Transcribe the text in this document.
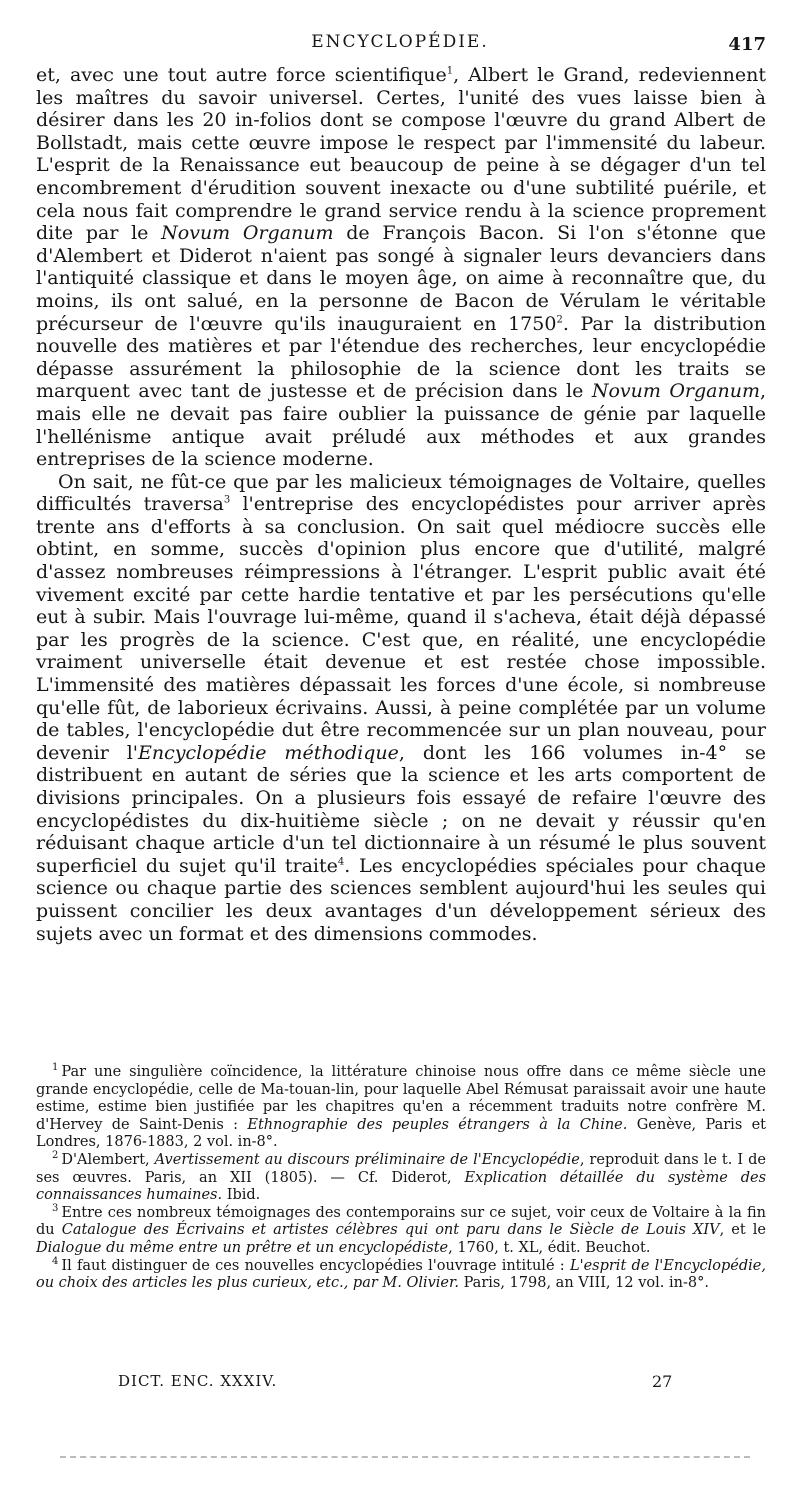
ENCYCLOPÉDIE.	417

et, avec une tout autre force scientifique$^1$, Albert le Grand, redeviennent les maîtres du savoir universel. Certes, l'unité des vues laisse bien à désirer dans les 20 in-folios dont se compose l'œuvre du grand Albert de Bollstadt, mais cette œuvre impose le respect par l'immensité du labeur. L'esprit de la Renaissance eut beaucoup de peine à se dégager d'un tel encombrement d'érudition souvent inexacte ou d'une subtilité puérile, et cela nous fait comprendre le grand service rendu à la science proprement dite par le Novum Organum de François Bacon. Si l'on s'étonne que d'Alembert et Diderot n'aient pas songé à signaler leurs devanciers dans l'antiquité classique et dans le moyen âge, on aime à reconnaître que, du moins, ils ont salué, en la personne de Bacon de Vérulam le véritable précurseur de l'œuvre qu'ils inauguraient en 1750$^2$. Par la distribution nouvelle des matières et par l'étendue des recherches, leur encyclopédie dépasse assurément la philosophie de la science dont les traits se marquent avec tant de justesse et de précision dans le Novum Organum, mais elle ne devait pas faire oublier la puissance de génie par laquelle l'hellénisme antique avait préludé aux méthodes et aux grandes entreprises de la science moderne.

On sait, ne fût-ce que par les malicieux témoignages de Voltaire, quelles difficultés traversa$^3$ l'entreprise des encyclopédistes pour arriver après trente ans d'efforts à sa conclusion. On sait quel médiocre succès elle obtint, en somme, succès d'opinion plus encore que d'utilité, malgré d'assez nombreuses réimpressions à l'étranger. L'esprit public avait été vivement excité par cette hardie tentative et par les persécutions qu'elle eut à subir. Mais l'ouvrage lui-même, quand il s'acheva, était déjà dépassé par les progrès de la science. C'est que, en réalité, une encyclopédie vraiment universelle était devenue et est restée chose impossible. L'immensité des matières dépassait les forces d'une école, si nombreuse qu'elle fût, de laborieux écrivains. Aussi, à peine complétée par un volume de tables, l'encyclopédie dut être recommencée sur un plan nouveau, pour devenir l'Encyclopédie méthodique, dont les 166 volumes in-4° se distribuent en autant de séries que la science et les arts comportent de divisions principales. On a plusieurs fois essayé de refaire l'œuvre des encyclopédistes du dix-huitième siècle ; on ne devait y réussir qu'en réduisant chaque article d'un tel dictionnaire à un résumé le plus souvent superficiel du sujet qu'il traite$^4$. Les encyclopédies spéciales pour chaque science ou chaque partie des sciences semblent aujourd'hui les seules qui puissent concilier les deux avantages d'un développement sérieux des sujets avec un format et des dimensions commodes.

$^1$ Par une singulière coïncidence, la littérature chinoise nous offre dans ce même siècle une grande encyclopédie, celle de Ma-touan-lin, pour laquelle Abel Rémusat paraissait avoir une haute estime, estime bien justifiée par les chapitres qu'en a récemment traduits notre confrère M. d'Hervey de Saint-Denis : Ethnographie des peuples étrangers à la Chine. Genève, Paris et Londres, 1876-1883, 2 vol. in-8°.

$^2$ D'Alembert, Avertissement au discours préliminaire de l'Encyclopédie, reproduit dans le t. I de ses œuvres. Paris, an XII (1805). — Cf. Diderot, Explication détaillée du système des connaissances humaines. Ibid.

$^3$ Entre ces nombreux témoignages des contemporains sur ce sujet, voir ceux de Voltaire à la fin du Catalogue des Écrivains et artistes célèbres qui ont paru dans le Siècle de Louis XIV, et le Dialogue du même entre un prêtre et un encyclopédiste, 1760, t. XL, édit. Beuchot.

$^4$ Il faut distinguer de ces nouvelles encyclopédies l'ouvrage intitulé : L'esprit de l'Encyclopédie, ou choix des articles les plus curieux, etc., par M. Olivier. Paris, 1798, an VIII, 12 vol. in-8°.

DICT. ENC. XXXIV.	27
